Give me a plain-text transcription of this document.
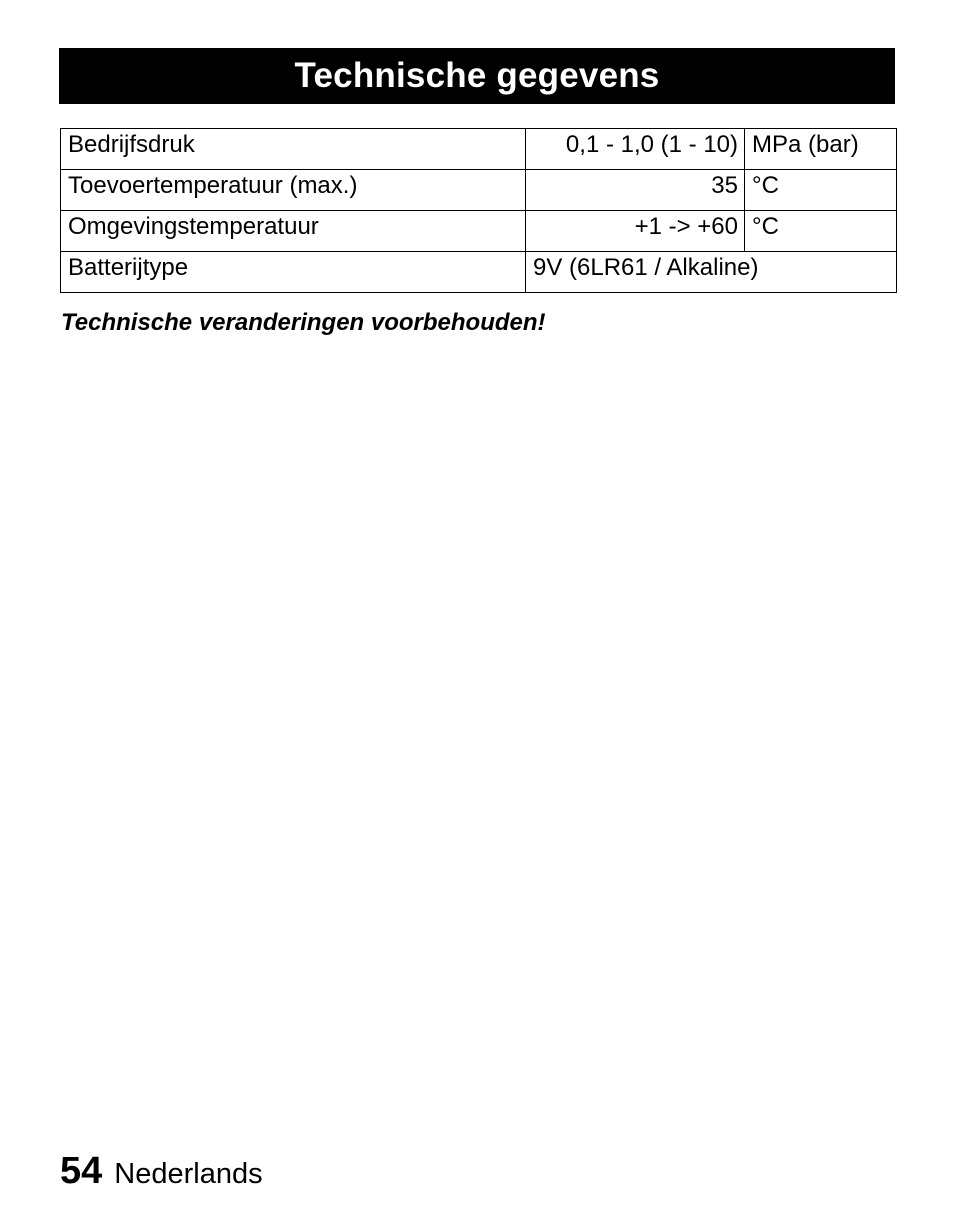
Technische gegevens
Bedrijfsdruk	0,1 - 1,0 (1 - 10)	MPa (bar)
Toevoertemperatuur (max.)	35	°C
Omgevingstemperatuur	+1 -> +60	°C
Batterijtype	9V (6LR61 / Alkaline)	
Technische veranderingen voorbehouden!
54 Nederlands
